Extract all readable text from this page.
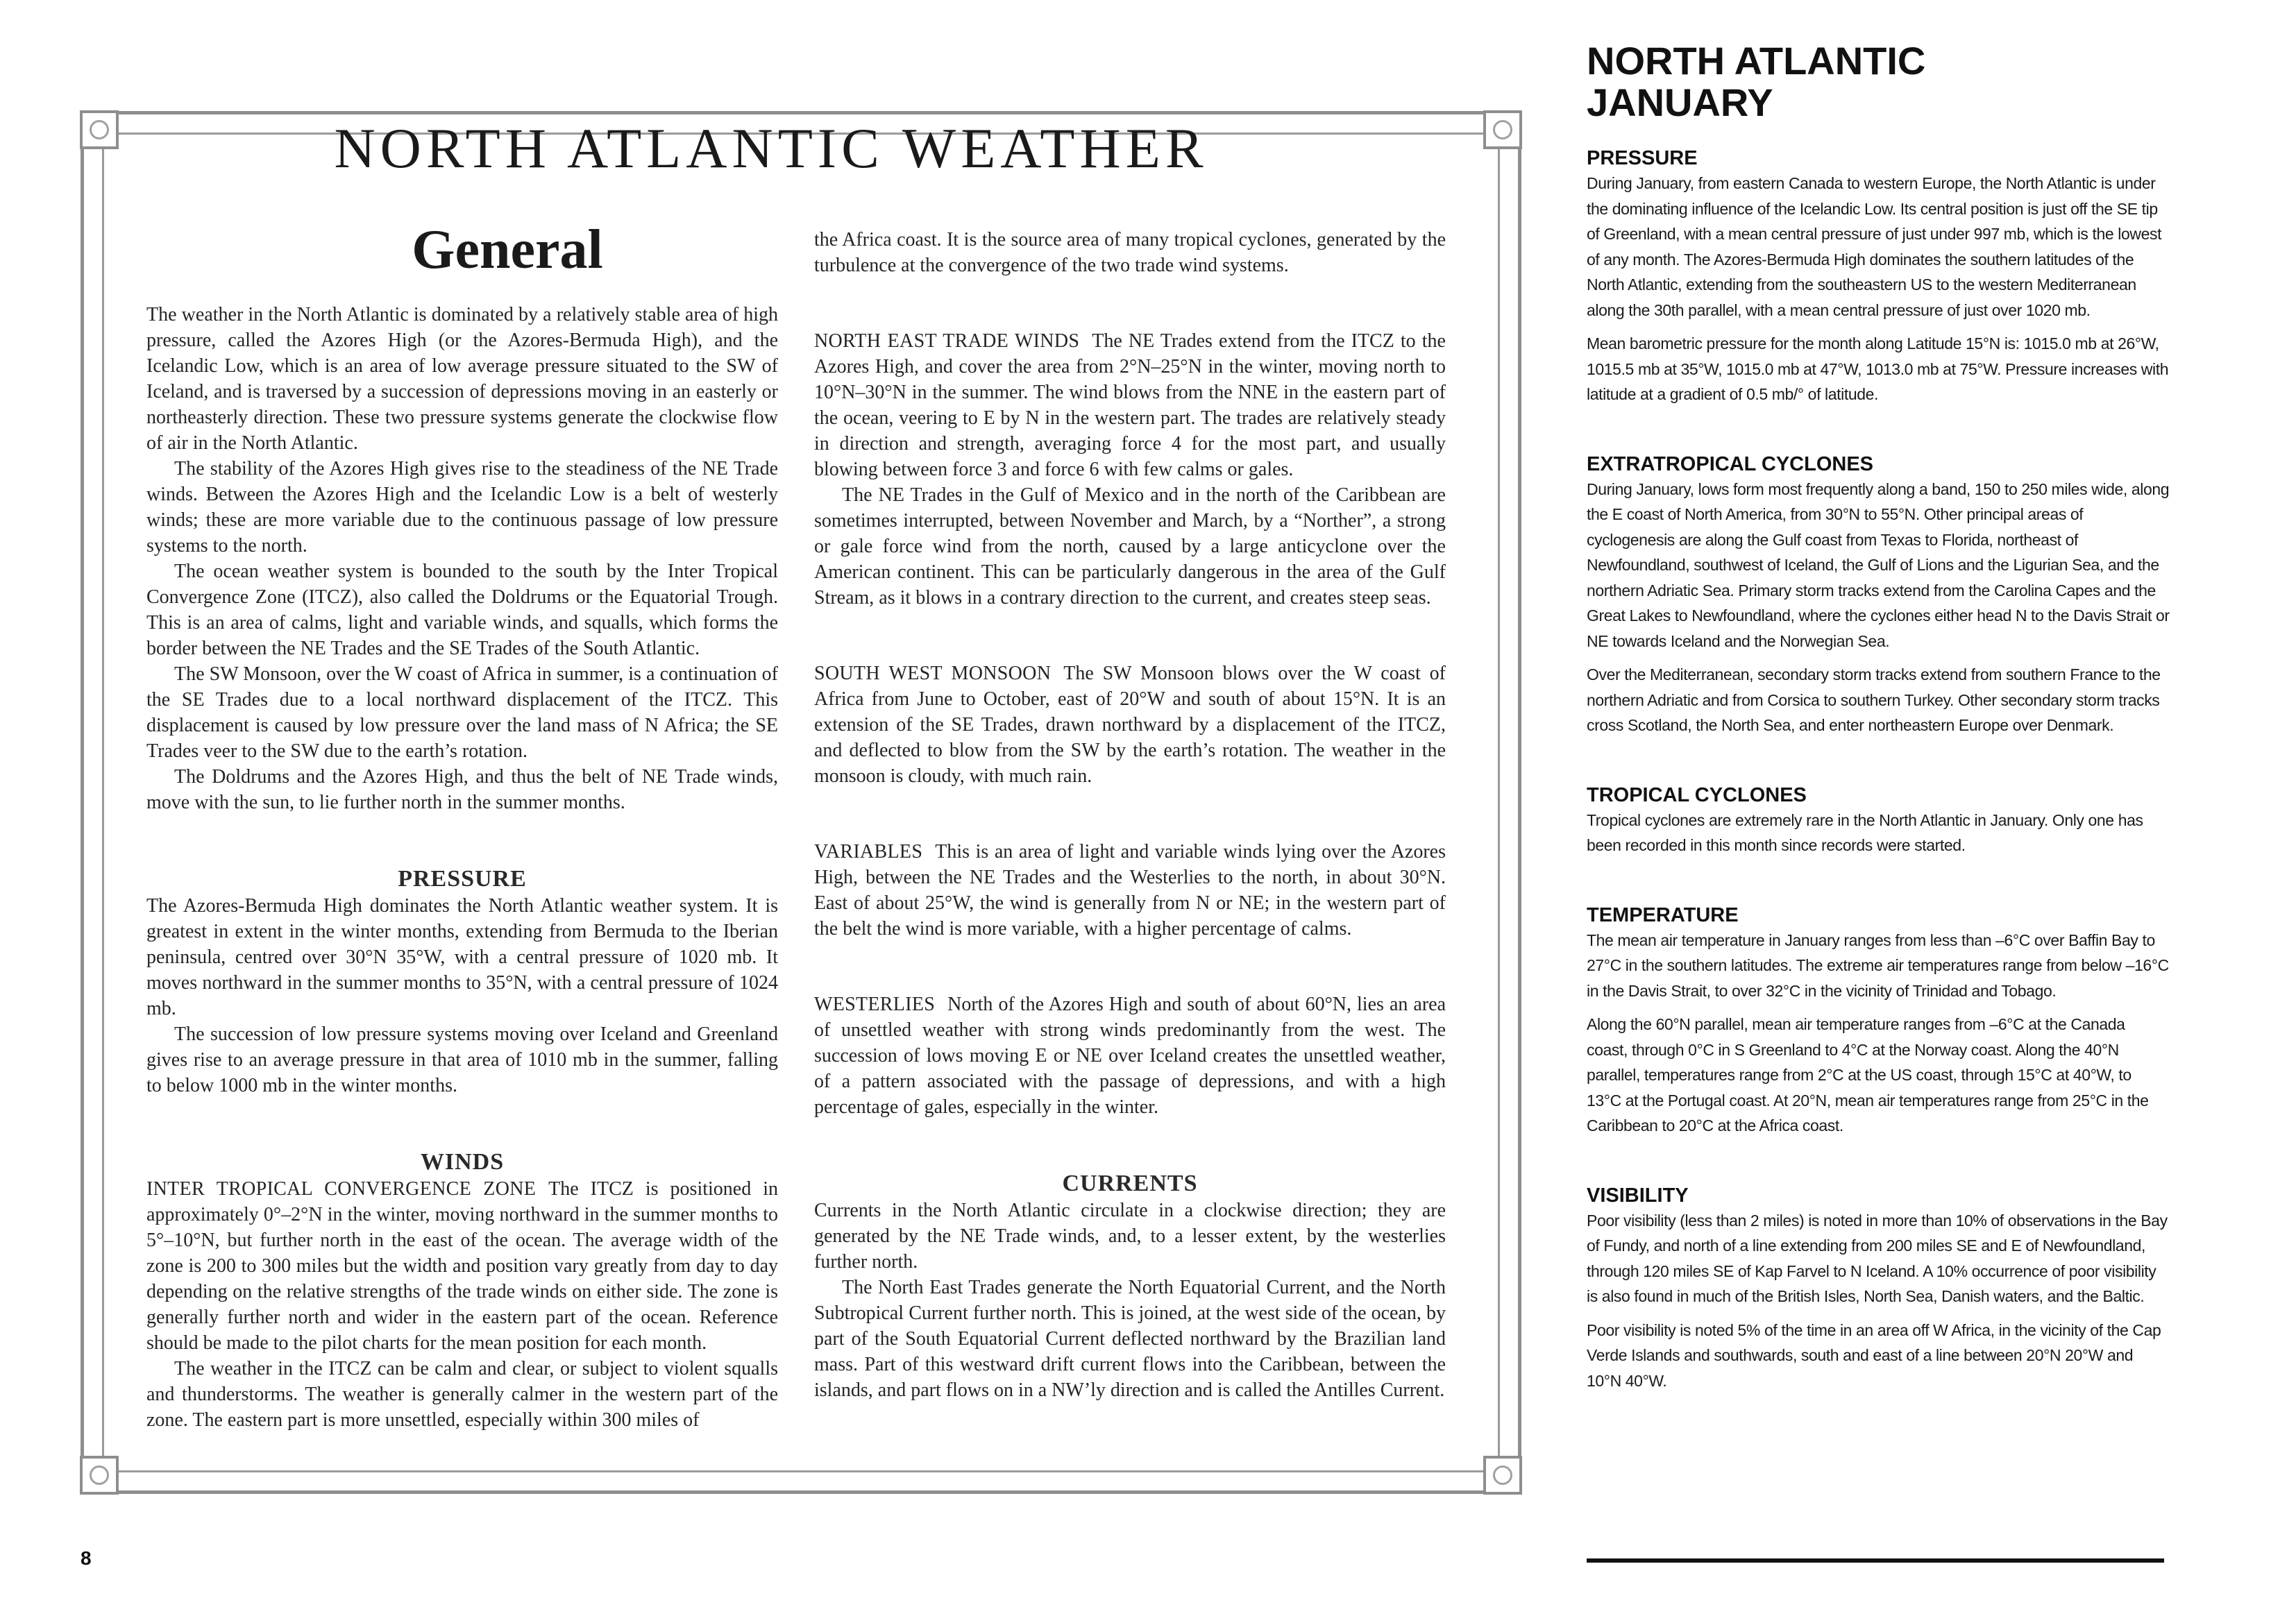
NORTH ATLANTIC WEATHER
General

The weather in the North Atlantic is dominated by a relatively stable area of high pressure, called the Azores High (or the Azores-Bermuda High), and the Icelandic Low, which is an area of low average pressure situated to the SW of Iceland, and is traversed by a succession of depressions moving in an easterly or northeasterly direction. These two pressure systems generate the clockwise flow of air in the North Atlantic.

The stability of the Azores High gives rise to the steadiness of the NE Trade winds. Between the Azores High and the Icelandic Low is a belt of westerly winds; these are more variable due to the continuous passage of low pressure systems to the north.

The ocean weather system is bounded to the south by the Inter Tropical Convergence Zone (ITCZ), also called the Doldrums or the Equatorial Trough. This is an area of calms, light and variable winds, and squalls, which forms the border between the NE Trades and the SE Trades of the South Atlantic.

The SW Monsoon, over the W coast of Africa in summer, is a continuation of the SE Trades due to a local northward displacement of the ITCZ. This displacement is caused by low pressure over the land mass of N Africa; the SE Trades veer to the SW due to the earth’s rotation.

The Doldrums and the Azores High, and thus the belt of NE Trade winds, move with the sun, to lie further north in the summer months.

PRESSURE

The Azores-Bermuda High dominates the North Atlantic weather system. It is greatest in extent in the winter months, extending from Bermuda to the Iberian peninsula, centred over 30°N 35°W, with a central pressure of 1020 mb. It moves northward in the summer months to 35°N, with a central pressure of 1024 mb.

The succession of low pressure systems moving over Iceland and Greenland gives rise to an average pressure in that area of 1010 mb in the summer, falling to below 1000 mb in the winter months.

WINDS

INTER TROPICAL CONVERGENCE ZONE The ITCZ is positioned in approximately 0°–2°N in the winter, moving northward in the summer months to 5°–10°N, but further north in the east of the ocean. The average width of the zone is 200 to 300 miles but the width and position vary greatly from day to day depending on the relative strengths of the trade winds on either side. The zone is generally further north and wider in the eastern part of the ocean. Reference should be made to the pilot charts for the mean position for each month.

The weather in the ITCZ can be calm and clear, or subject to violent squalls and thunderstorms. The weather is generally calmer in the western part of the zone. The eastern part is more unsettled, especially within 300 miles of

the Africa coast. It is the source area of many tropical cyclones, generated by the turbulence at the convergence of the two trade wind systems.

NORTH EAST TRADE WINDS The NE Trades extend from the ITCZ to the Azores High, and cover the area from 2°N–25°N in the winter, moving north to 10°N–30°N in the summer. The wind blows from the NNE in the eastern part of the ocean, veering to E by N in the western part. The trades are relatively steady in direction and strength, averaging force 4 for the most part, and usually blowing between force 3 and force 6 with few calms or gales.

The NE Trades in the Gulf of Mexico and in the north of the Caribbean are sometimes interrupted, between November and March, by a “Norther”, a strong or gale force wind from the north, caused by a large anticyclone over the American continent. This can be particularly dangerous in the area of the Gulf Stream, as it blows in a contrary direction to the current, and creates steep seas.

SOUTH WEST MONSOON The SW Monsoon blows over the W coast of Africa from June to October, east of 20°W and south of about 15°N. It is an extension of the SE Trades, drawn northward by a displacement of the ITCZ, and deflected to blow from the SW by the earth’s rotation. The weather in the monsoon is cloudy, with much rain.

VARIABLES This is an area of light and variable winds lying over the Azores High, between the NE Trades and the Westerlies to the north, in about 30°N. East of about 25°W, the wind is generally from N or NE; in the western part of the belt the wind is more variable, with a higher percentage of calms.

WESTERLIES North of the Azores High and south of about 60°N, lies an area of unsettled weather with strong winds predominantly from the west. The succession of lows moving E or NE over Iceland creates the unsettled weather, of a pattern associated with the passage of depressions, and with a high percentage of gales, especially in the winter.

CURRENTS

Currents in the North Atlantic circulate in a clockwise direction; they are generated by the NE Trade winds, and, to a lesser extent, by the westerlies further north.

The North East Trades generate the North Equatorial Current, and the North Subtropical Current further north. This is joined, at the west side of the ocean, by part of the South Equatorial Current deflected northward by the Brazilian land mass. Part of this westward drift current flows into the Caribbean, between the islands, and part flows on in a NW’ly direction and is called the Antilles Current.

NORTH ATLANTIC
JANUARY
PRESSURE

During January, from eastern Canada to western Europe, the North Atlantic is under the dominating influence of the Icelandic Low. Its central position is just off the SE tip of Greenland, with a mean central pressure of just under 997 mb, which is the lowest of any month. The Azores-Bermuda High dominates the southern latitudes of the North Atlantic, extending from the southeastern US to the western Mediterranean along the 30th parallel, with a mean central pressure of just over 1020 mb.

Mean barometric pressure for the month along Latitude 15°N is: 1015.0 mb at 26°W, 1015.5 mb at 35°W, 1015.0 mb at 47°W, 1013.0 mb at 75°W. Pressure increases with latitude at a gradient of 0.5 mb/° of latitude.

EXTRATROPICAL CYCLONES

During January, lows form most frequently along a band, 150 to 250 miles wide, along the E coast of North America, from 30°N to 55°N. Other principal areas of cyclogenesis are along the Gulf coast from Texas to Florida, northeast of Newfoundland, southwest of Iceland, the Gulf of Lions and the Ligurian Sea, and the northern Adriatic Sea. Primary storm tracks extend from the Carolina Capes and the Great Lakes to Newfoundland, where the cyclones either head N to the Davis Strait or NE towards Iceland and the Norwegian Sea.

Over the Mediterranean, secondary storm tracks extend from southern France to the northern Adriatic and from Corsica to southern Turkey. Other secondary storm tracks cross Scotland, the North Sea, and enter northeastern Europe over Denmark.

TROPICAL CYCLONES

Tropical cyclones are extremely rare in the North Atlantic in January. Only one has been recorded in this month since records were started.

TEMPERATURE

The mean air temperature in January ranges from less than –6°C over Baffin Bay to 27°C in the southern latitudes. The extreme air temperatures range from below –16°C in the Davis Strait, to over 32°C in the vicinity of Trinidad and Tobago.

Along the 60°N parallel, mean air temperature ranges from –6°C at the Canada coast, through 0°C in S Greenland to 4°C at the Norway coast. Along the 40°N parallel, temperatures range from 2°C at the US coast, through 15°C at 40°W, to 13°C at the Portugal coast. At 20°N, mean air temperatures range from 25°C in the Caribbean to 20°C at the Africa coast.

VISIBILITY

Poor visibility (less than 2 miles) is noted in more than 10% of observations in the Bay of Fundy, and north of a line extending from 200 miles SE and E of Newfoundland, through 120 miles SE of Kap Farvel to N Iceland. A 10% occurrence of poor visibility is also found in much of the British Isles, North Sea, Danish waters, and the Baltic.

Poor visibility is noted 5% of the time in an area off W Africa, in the vicinity of the Cap Verde Islands and southwards, south and east of a line between 20°N 20°W and 10°N 40°W.

8
